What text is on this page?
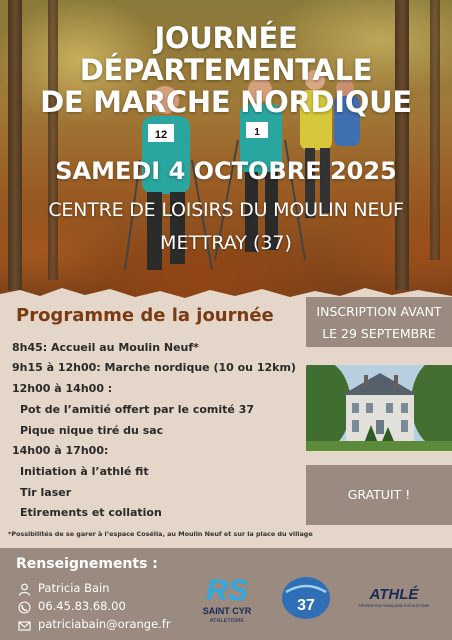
1
12
JOURNÉE
DÉPARTEMENTALE
DE MARCHE NORDIQUE
SAMEDI 4 OCTOBRE 2025
CENTRE DE LOISIRS DU MOULIN NEUF
METTRAY (37)
Programme de la journée
8h45: Accueil au Moulin Neuf*
9h15 à 12h00: Marche nordique (10 ou 12km)
12h00 à 14h00 :
Pot de l’amitié offert par le comité 37
Pique nique tiré du sac
14h00 à 17h00:
Initiation à l’athlé fit
Tir laser
Etirements et collation
INSCRIPTION AVANT
LE 29 SEPTEMBRE
GRATUIT !
*Possibilités de se garer à l’espace Cosélia, au Moulin Neuf et sur la place du village
Renseignements :
Patricia Bain
06.45.83.68.00
patriciabain@orange.fr
RS
SAINT CYR
ATHLETISME
37
ATHLÉ
FÉDÉRATION FRANÇAISE D’ATHLÉTISME
